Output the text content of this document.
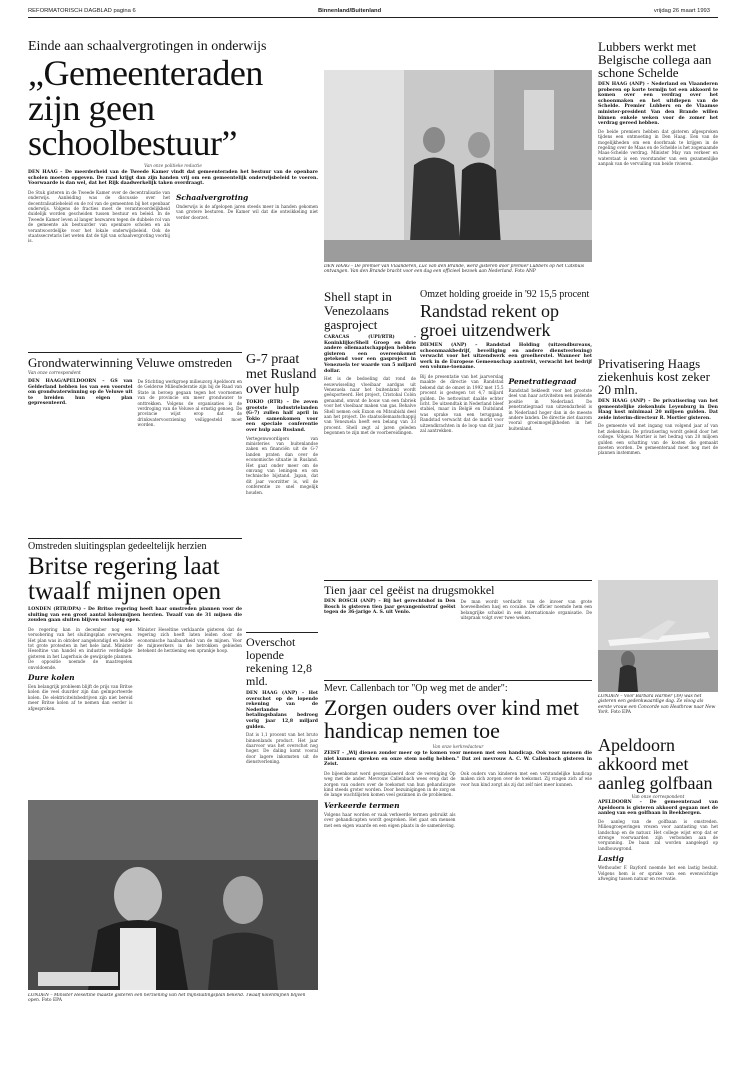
REFORMATORISCH DAGBLAD pagina 6	Binnenland/Buitenland	vrijdag 26 maart 1993
Einde aan schaalvergrotingen in onderwijs
„Gemeenteraden zijn geen schoolbestuur”
Van onze politieke redactie
DEN HAAG – De meerderheid van de Tweede Kamer vindt dat gemeenteraden het bestuur van de openbare scholen moeten opgeven. De raad krijgt dan zijn handen vrij om een gemeentelijk onderwijsbeleid te voeren. Voorwaarde is dan wel, dat het Rijk daadwerkelijk taken overdraagt.
De Stuk gisteren in de Tweede Kamer over de decentralisatie van onderwijs. Aanleiding was de discussie over het decentralisatiebeleid en de rol van de gemeenten bij het openbaar onderwijs. Volgens de fracties moet de verantwoordelijkheid duidelijk worden gescheiden tussen bestuur en beleid. In de Tweede Kamer leven al langer bezwaren tegen de dubbele rol van de gemeente als bestuurder van openbare scholen en als verantwoordelijke voor het lokale onderwijsbeleid. Ook de staatssecretaris liet weten dat de tijd van schaalvergroting voorbij is.
Schaalvergroting
Onderwijs is de afgelopen jaren steeds meer in handen gekomen van grotere besturen. De Kamer wil dat die ontwikkeling niet verder doorzet.
DEN HAAG – De premier van Vlaanderen, Luc van den Brande, werd gisteren door premier Lubbers op het Catshuis ontvangen. Van den Brande bracht voor een dag een officieel bezoek aan Nederland. Foto ANP
Lubbers werkt met Belgische collega aan schone Schelde
DEN HAAG (ANP) – Nederland en Vlaanderen proberen op korte termijn tot een akkoord te komen over een verdrag over het schoonmaken en het uitdiepen van de Schelde. Premier Lubbers en de Vlaamse minister-president Van den Brande willen binnen enkele weken voor de zomer het verdrag gereed hebben.
De beide premiers hebben dat gisteren afgesproken tijdens een ontmoeting in Den Haag. Een van de mogelijkheden om een doorbraak te krijgen in de regeling over de Maas en de Schelde is het zogenaamde Maas-Schelde verdrag. Minister May van verkeer en waterstaat is een voorstander van een gezamenlijke aanpak van de vervuiling van beide rivieren.
Privatisering Haags ziekenhuis kost zeker 20 mln.
DEN HAAG (ANP) – De privatisering van het gemeentelijke ziekenhuis Leyenburg in Den Haag kost minimaal 20 miljoen gulden. Dat zeide interim-directeur R. Mortier gisteren.
De gemeente wil met ingang van volgend jaar af van het ziekenhuis. De privatisering wordt geleid door het college. Volgens Mortier is het bedrag van 20 miljoen gulden een schatting van de kosten die gemaakt moeten worden. De gemeenteraad moet nog met de plannen instemmen.
Shell stapt in Venezolaans gasproject
CARACAS (UPI/RTR) – Koninklijke/Shell Groep en drie andere oliemaatschappijen hebben gisteren een overeenkomst getekend voor een gasproject in Venezuela ter waarde van 5 miljard dollar.
Het is de bedoeling dat rond de eeuwwisseling vloeibaar aardgas uit Venezuela naar het buitenland wordt geëxporteerd. Het project, Cristobal Colón genaamd, omvat de bouw van een fabriek voor het vloeibaar maken van gas. Behalve Shell nemen ook Exxon en Mitsubishi deel aan het project. De staatsoliemaatschappij van Venezuela heeft een belang van 33 procent. Shell zegt al jaren geleden begonnen te zijn met de voorbereidingen.
Omzet holding groeide in '92 15,5 procent
Randstad rekent op groei uitzendwerk
DIEMEN (ANP) – Randstad Holding (uitzendbureaus, schoonmaakbedrijf, beveiliging en andere dienstverlening) verwacht voor het uitzendwerk een groeiherstel. Wanneer het werk in de Europese Gemeenschap aantrekt, verwacht het bedrijf een volume-toename.
Bij de presentatie van het jaarverslag maakte de directie van Randstad bekend dat de omzet in 1992 met 15,5 procent is gestegen tot 4,7 miljard gulden. De nettowinst daalde echter licht. De uitzendtak in Nederland bleef stabiel, maar in België en Duitsland was sprake van een teruggang. Randstad verwacht dat de markt voor uitzendkrachten in de loop van dit jaar zal aantrekken.
Penetratiegraad
Randstad bekleedt voor het grootste deel van haar activiteiten een leidende positie in Nederland. De penetratiegraad van uitzendarbeid is in Nederland hoger dan in de meeste andere landen. De directie ziet daarom vooral groeimogelijkheden in het buitenland.
Grondwaterwinning Veluwe omstreden
Van onze correspondent
DEN HAAG/APELDOORN – GS van Gelderland hebben los van een voorstel om grondwaterwinning op de Veluwe uit te breiden hun eigen plan gepresenteerd.
De Stichting werkgroep milieuzorg Apeldoorn en de Gelderse Milieufederatie zijn bij de Raad van State in beroep gegaan tegen het voornemen van de provincie om meer grondwater te onttrekken. Volgens de organisaties is de verdroging van de Veluwe al ernstig genoeg. De provincie wijst erop dat de drinkwatervoorziening veiliggesteld moet worden.
G-7 praat met Rusland over hulp
TOKIO (RTR) – De zeven grootste industrielanden (G-7) zullen half april in Tokio samenkomen voor een speciale conferentie over hulp aan Rusland.
Vertegenwoordigers van ministeries van buitenlandse zaken en financiën uit de G-7 landen praten dan over de economische situatie in Rusland. Het gaat onder meer om de omvang van leningen en om technische bijstand. Japan, dat dit jaar voorzitter is, wil de conferentie zo snel mogelijk houden.
Omstreden sluitingsplan gedeeltelijk herzien
Britse regering laat twaalf mijnen open
LONDEN (RTR/DPA) – De Britse regering heeft haar omstreden plannen voor de sluiting van een groot aantal kolenmijnen herzien. Twaalf van de 31 mijnen die zouden gaan sluiten blijven voorlopig open.
De regering kan in december nog een versobering van het sluitingsplan overwegen. Het plan was in oktober aangekondigd en leidde tot grote protesten in het hele land. Minister Heseltine van handel en industrie verdedigde gisteren in het Lagerhuis de gewijzigde plannen. De oppositie noemde de maatregelen onvoldoende.
Dure kolen
Een belangrijk probleem blijft de prijs van Britse kolen die veel duurder zijn dan geïmporteerde kolen. De elektriciteitsbedrijven zijn niet bereid meer Britse kolen af te nemen dan eerder is afgesproken.
Minister Heseltine verklaarde gisteren dat de regering zich heeft laten leiden door de economische haalbaarheid van de mijnen. Voor de mijnwerkers in de betrokken gebieden betekent de herziening een sprankje hoop.
Overschot lopende rekening 12,8 mld.
DEN HAAG (ANP) – Het overschot op de lopende rekening van de Nederlandse betalingsbalans bedroeg vorig jaar 12,8 miljard gulden.
Dat is 1,1 procent van het bruto binnenlands product. Het jaar daarvoor was het overschot nog hoger. De daling komt vooral door lagere inkomsten uit de dienstverlening.
LONDEN – Minister Heseltine maakte gisteren een herziening van het mijnsluitingsplan bekend. Twaalf kolenmijnen blijven open. Foto EPA
Tien jaar cel geëist na drugsmokkel
DEN BOSCH (ANP) – Bij het gerechtshof in Den Bosch is gisteren tien jaar gevangenisstraf geëist tegen de 36-jarige A. S. uit Venlo.
De man wordt verdacht van de invoer van grote hoeveelheden hasj en cocaïne. De officier noemde hem een belangrijke schakel in een internationale organisatie. De uitspraak volgt over twee weken.
LONDEN – Voor Barbara Harmer (39) was het gisteren een gedenkwaardige dag. Ze vloog als eerste vrouw een Concorde van Heathrow naar New York. Foto EPA
Mevr. Callenbach tor "Op weg met de ander":
Zorgen ouders over kind met handicap nemen toe
Van onze kerkredacteur
ZEIST – „Wij dienen zonder meer op te komen voor mensen met een handicap. Ook voor mensen die niet kunnen spreken en onze stem nodig hebben.” Dat zei mevrouw A. C. W. Callenbach gisteren in Zeist.
De bijeenkomst werd georganiseerd door de vereniging Op weg met de ander. Mevrouw Callenbach wees erop dat de zorgen van ouders over de toekomst van hun gehandicapte kind steeds groter worden. Door bezuinigingen in de zorg en de lange wachtlijsten komen veel gezinnen in de problemen.
Verkeerde termen
Volgens haar worden er vaak verkeerde termen gebruikt als over gehandicapten wordt gesproken. Het gaat om mensen met een eigen waarde en een eigen plaats in de samenleving.
Ook ouders van kinderen met een verstandelijke handicap maken zich zorgen over de toekomst. Zij vragen zich af wie voor hun kind zorgt als zij dat zelf niet meer kunnen.
Apeldoorn akkoord met aanleg golfbaan
Van onze correspondent
APELDOORN – De gemeenteraad van Apeldoorn is gisteren akkoord gegaan met de aanleg van een golfbaan in Beekbergen.
De aanleg van de golfbaan is omstreden. Milieugroeperingen vrezen voor aantasting van het landschap en de natuur. Het college wijst erop dat er strenge voorwaarden zijn verbonden aan de vergunning. De baan zal worden aangelegd op landbouwgrond.
Lastig
Wethouder F. Bayford noemde het een lastig besluit. Volgens hem is er sprake van een evenwichtige afweging tussen natuur en recreatie.
